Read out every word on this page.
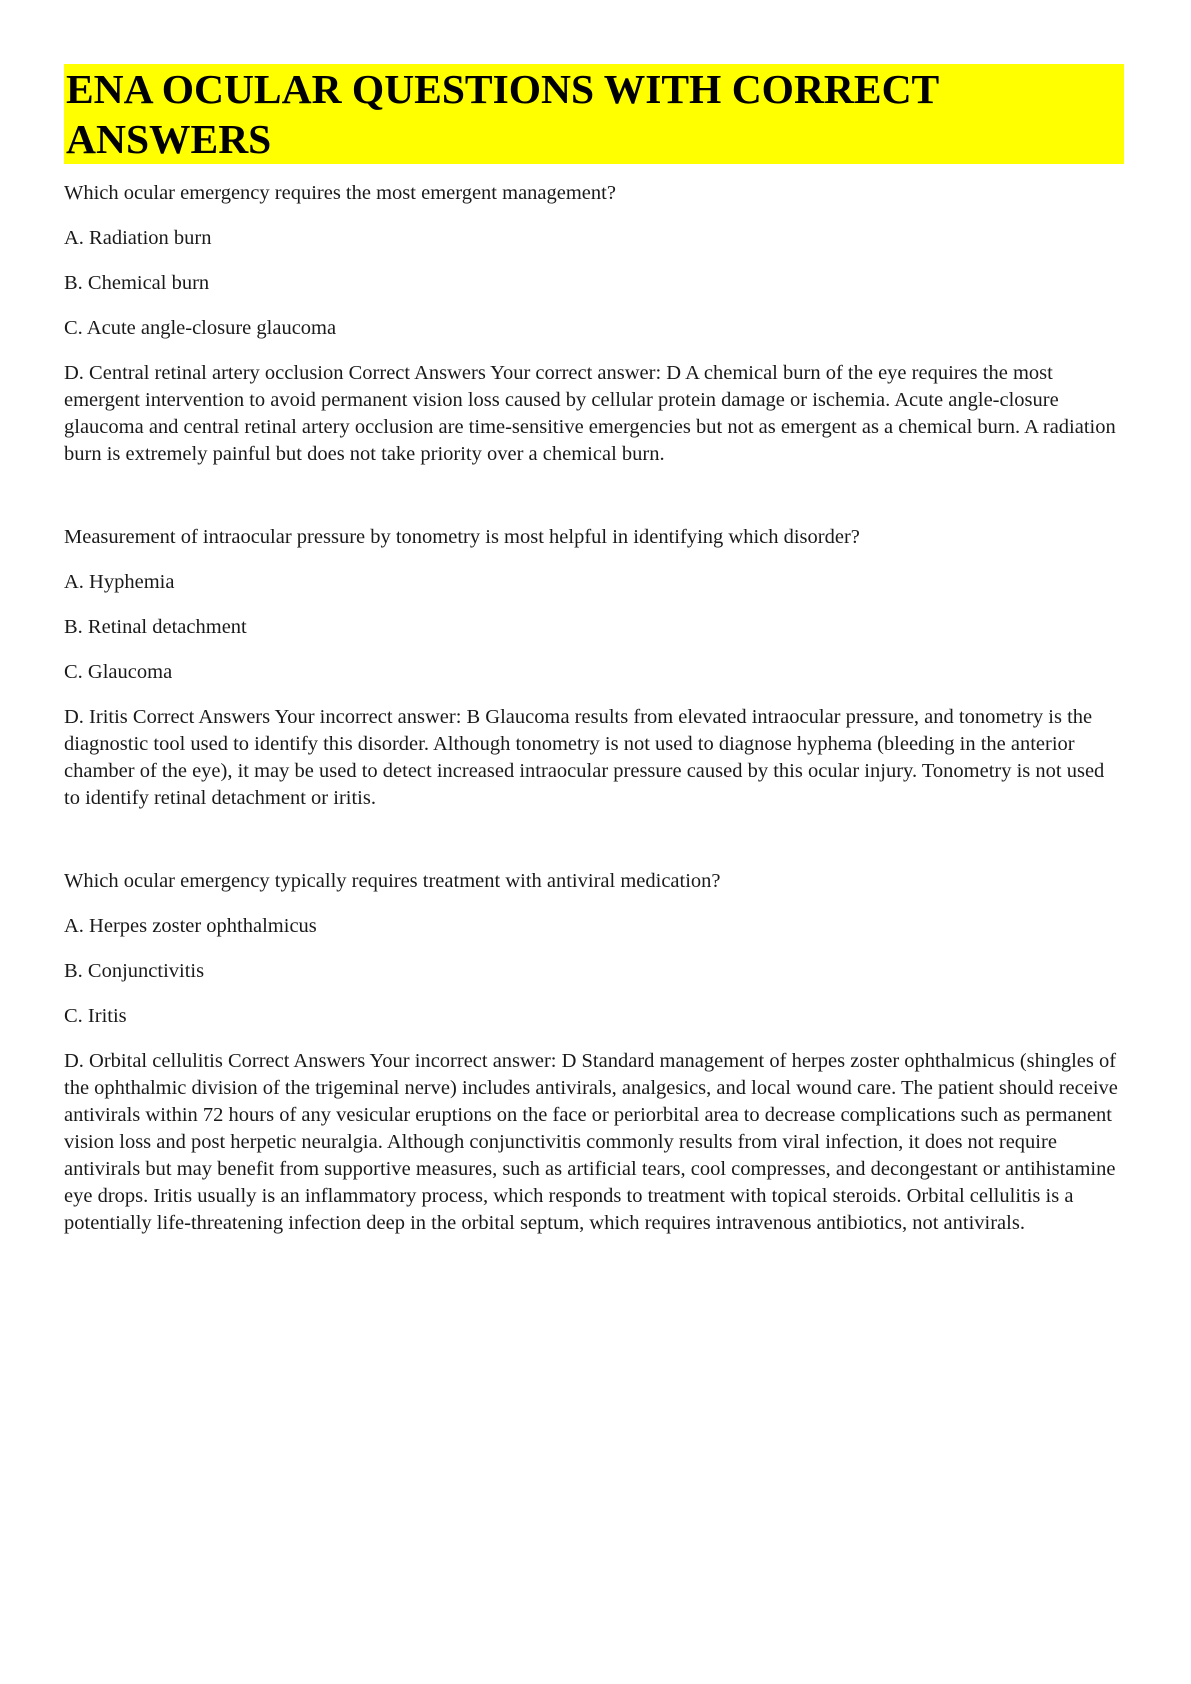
ENA OCULAR QUESTIONS WITH CORRECT ANSWERS

Which ocular emergency requires the most emergent management?

A. Radiation burn

B. Chemical burn

C. Acute angle-closure glaucoma

D. Central retinal artery occlusion Correct Answers Your correct answer: D A chemical burn of the eye requires the most emergent intervention to avoid permanent vision loss caused by cellular protein damage or ischemia. Acute angle-closure glaucoma and central retinal artery occlusion are time-sensitive emergencies but not as emergent as a chemical burn. A radiation burn is extremely painful but does not take priority over a chemical burn.

Measurement of intraocular pressure by tonometry is most helpful in identifying which disorder?

A. Hyphemia

B. Retinal detachment

C. Glaucoma

D. Iritis Correct Answers Your incorrect answer: B Glaucoma results from elevated intraocular pressure, and tonometry is the diagnostic tool used to identify this disorder. Although tonometry is not used to diagnose hyphema (bleeding in the anterior chamber of the eye), it may be used to detect increased intraocular pressure caused by this ocular injury. Tonometry is not used to identify retinal detachment or iritis.

Which ocular emergency typically requires treatment with antiviral medication?

A. Herpes zoster ophthalmicus

B. Conjunctivitis

C. Iritis

D. Orbital cellulitis Correct Answers Your incorrect answer: D Standard management of herpes zoster ophthalmicus (shingles of the ophthalmic division of the trigeminal nerve) includes antivirals, analgesics, and local wound care. The patient should receive antivirals within 72 hours of any vesicular eruptions on the face or periorbital area to decrease complications such as permanent vision loss and post herpetic neuralgia. Although conjunctivitis commonly results from viral infection, it does not require antivirals but may benefit from supportive measures, such as artificial tears, cool compresses, and decongestant or antihistamine eye drops. Iritis usually is an inflammatory process, which responds to treatment with topical steroids. Orbital cellulitis is a potentially life-threatening infection deep in the orbital septum, which requires intravenous antibiotics, not antivirals.
